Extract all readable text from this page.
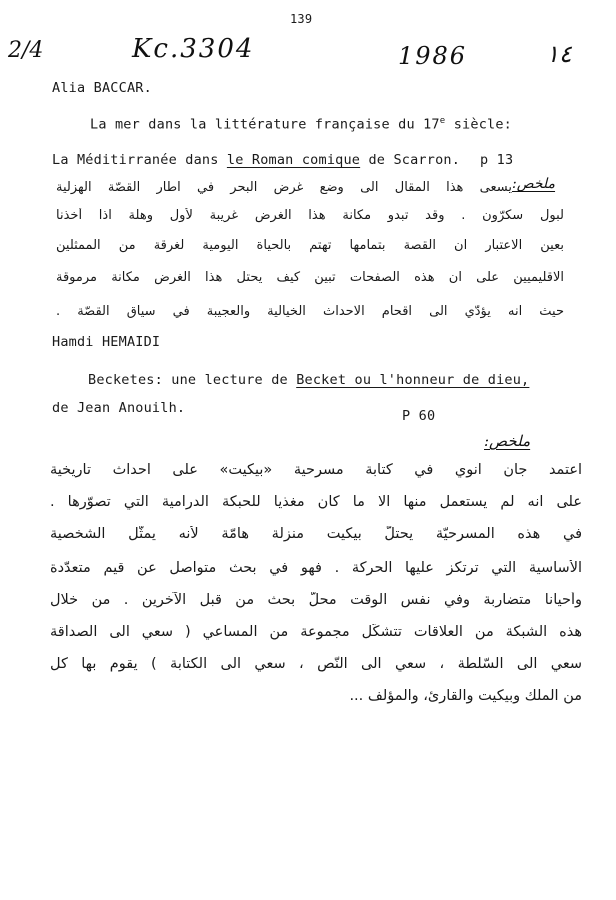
139
2/4	Kc.3304	1986	١٤
Alia BACCAR.
La mer dans la littérature française du 17e siècle:
La Méditirranée dans le Roman comique de Scarron. p 13
ملخص:
يسعى هذا المقال الى وضع غرض البحر في اطار القصّة الهزلية
لبول سكرّون . وقد تبدو مكانة هذا الغرض غريبة لأول وهلة اذا أخذنا
بعين الاعتبار ان القصة بتمامها تهتم بالحياة اليومية لغرقة من الممثلين
الاقليميين على ان هذه الصفحات تبين كيف يحتل هذا الغرض مكانة مرموقة
حيث انه يؤدّي الى اقحام الاحداث الخيالية والعجيبة في سياق القصّة .
Hamdi HEMAIDI
Becketes: une lecture de Becket ou l'honneur de dieu,
de Jean Anouilh.	P 60
ملخص:
اعتمد جان آنوي في كتابة مسرحية «بيكيت» على احداث تاريخية
على انه لم يستعمل منها الا ما كان مغذيا للحبكة الدرامية التي تصوّرها .
في هذه المسرحيّة يحتلّ بيكيت منزلة هامّة لأنه يمثّل الشخصية
الأساسية التي ترتكز عليها الحركة . فهو في بحث متواصل عن قيم متعدّدة
وأحيانا متضاربة وفي نفس الوقت محلّ بحث من قبل الآخرين . من خلال
هذه الشبكة من العلاقات تتشكّل مجموعة من المساعي ( سعي الى الصداقة
سعي الى السّلطة ، سعي الى النّص ، سعي الى الكتابة ) يقوم بها كل
من الملك وبيكيت والقارئ، والمؤلف ...
